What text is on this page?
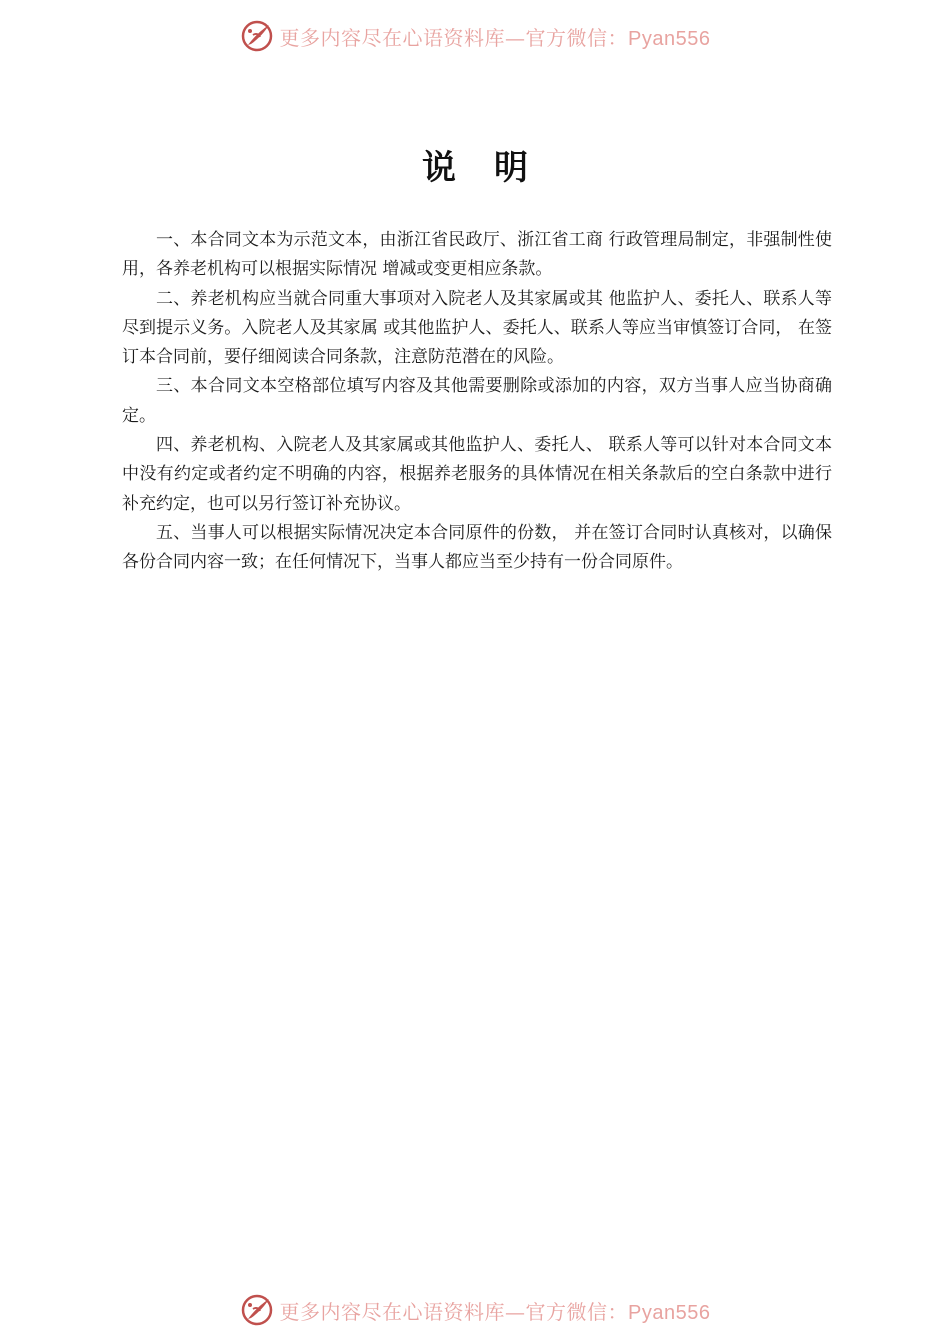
更多内容尽在心语资料库—官方微信：Pyan556
说明

一、本合同文本为示范文本，由浙江省民政厅、浙江省工商 行政管理局制定，非强制性使用，各养老机构可以根据实际情况 增减或变更相应条款。

二、养老机构应当就合同重大事项对入院老人及其家属或其 他监护人、委托人、联系人等尽到提示义务。入院老人及其家属 或其他监护人、委托人、联系人等应当审慎签订合同， 在签订本合同前，要仔细阅读合同条款，注意防范潜在的风险。

三、本合同文本空格部位填写内容及其他需要删除或添加的内容，双方当事人应当协商确定。

四、养老机构、入院老人及其家属或其他监护人、委托人、 联系人等可以针对本合同文本中没有约定或者约定不明确的内容，根据养老服务的具体情况在相关条款后的空白条款中进行补充约定，也可以另行签订补充协议。

五、当事人可以根据实际情况决定本合同原件的份数， 并在签订合同时认真核对，以确保各份合同内容一致；在任何情况下，当事人都应当至少持有一份合同原件。

更多内容尽在心语资料库—官方微信：Pyan556
